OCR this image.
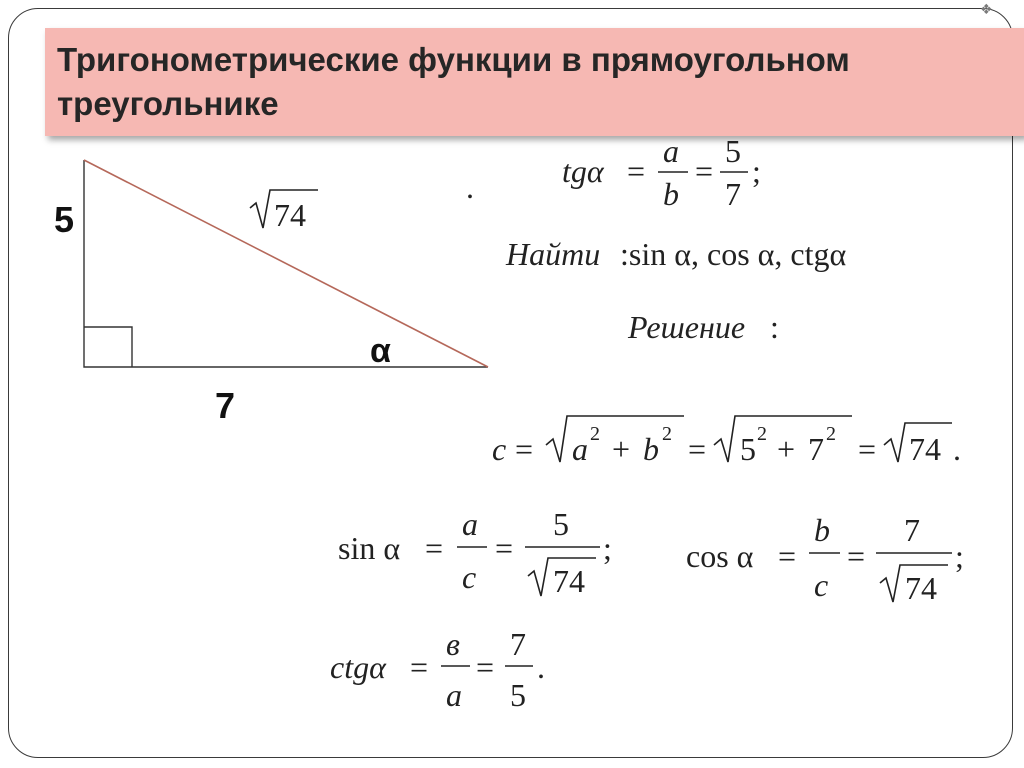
❖
Тригонометрические функции в прямоугольном треугольнике
5
7
α
74
.	tgα =
a
b
=
5
7
;
Найти :sin α, cos α, ctgα
Решение :
c = a 2 + b 2 = 5 2 + 7 2 = 74 .
sin α =
a
c
=
5
74
; cos α =
b
c
=
7
74
;
ctgα =
в
a
=
7
5
.
